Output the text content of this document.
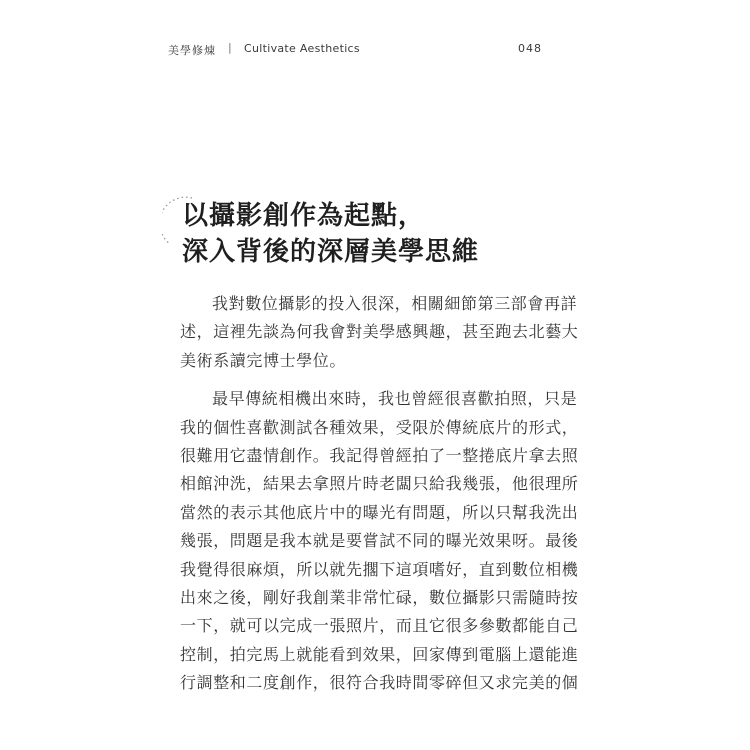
美學修煉 | Cultivate Aesthetics	048
以攝影創作為起點，
深入背後的深層美學思維
我對數位攝影的投入很深，相關細節第三部會再詳
述，這裡先談為何我會對美學感興趣，甚至跑去北藝大
美術系讀完博士學位。
最早傳統相機出來時，我也曾經很喜歡拍照，只是
我的個性喜歡測試各種效果，受限於傳統底片的形式，
很難用它盡情創作。我記得曾經拍了一整捲底片拿去照
相館沖洗，結果去拿照片時老闆只給我幾張，他很理所
當然的表示其他底片中的曝光有問題，所以只幫我洗出
幾張，問題是我本就是要嘗試不同的曝光效果呀。最後
我覺得很麻煩，所以就先擱下這項嗜好，直到數位相機
出來之後，剛好我創業非常忙碌，數位攝影只需隨時按
一下，就可以完成一張照片，而且它很多參數都能自己
控制，拍完馬上就能看到效果，回家傳到電腦上還能進
行調整和二度創作，很符合我時間零碎但又求完美的個
